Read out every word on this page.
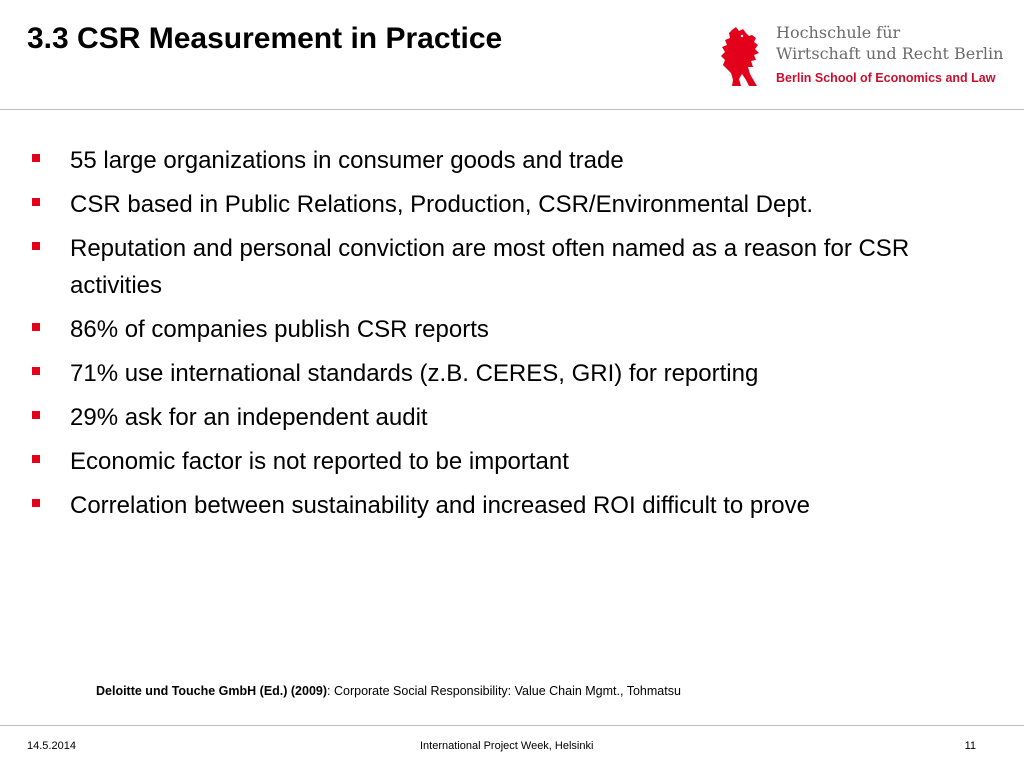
3.3 CSR Measurement in Practice	Hochschule für
Wirtschaft und Recht Berlin
Berlin School of Economics and Law
55 large organizations in consumer goods and trade
CSR based in Public Relations, Production, CSR/Environmental Dept.
Reputation and personal conviction are most often named as a reason for CSR activities
86% of companies publish CSR reports
71% use international standards (z.B. CERES, GRI) for reporting
29% ask for an independent audit
Economic factor is not reported to be important
Correlation between sustainability and increased ROI difficult to prove
Deloitte und Touche GmbH (Ed.) (2009): Corporate Social Responsibility: Value Chain Mgmt., Tohmatsu
14.5.2014	International Project Week, Helsinki	11
